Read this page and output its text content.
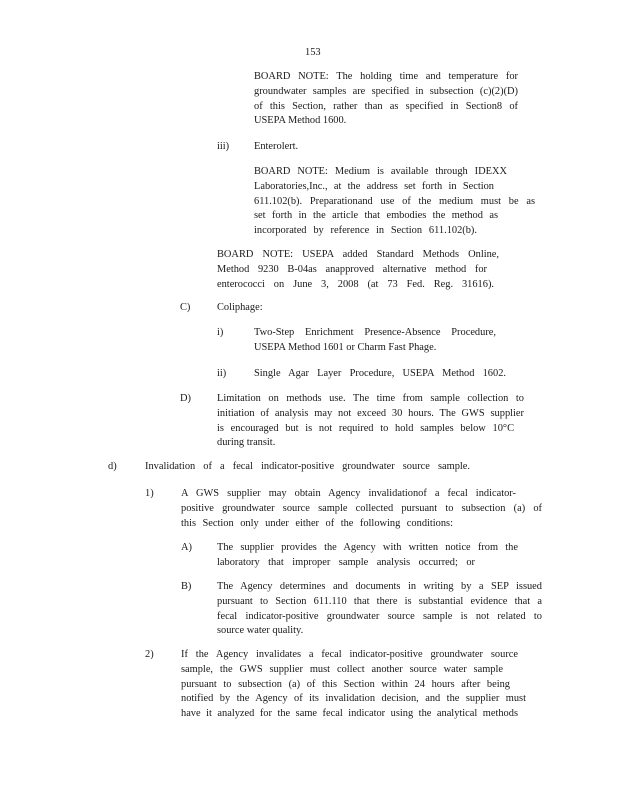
153
BOARD NOTE: The holding time and temperature for
groundwater samples are specified in subsection (c)(2)(D)
of this Section, rather than as specified in Section8 of
USEPA Method 1600.
iii) Enterolert.
BOARD NOTE: Medium is available through IDEXX
Laboratories,Inc., at the address set forth in Section
611.102(b). Preparationand use of the medium must be as
set forth in the article that embodies the method as
incorporated by reference in Section 611.102(b).
BOARD NOTE: USEPA added Standard Methods Online,
Method 9230 B-04as anapproved alternative method for
enterococci on June 3, 2008 (at 73 Fed. Reg. 31616).
C)	Coliphage:
i)	Two-Step Enrichment Presence-Absence Procedure,
USEPA Method 1601 or Charm Fast Phage.
ii)	Single Agar Layer Procedure, USEPA Method 1602.
D)	Limitation on methods use. The time from sample collection to
initiation of analysis may not exceed 30 hours. The GWS supplier
is encouraged but is not required to hold samples below 10°C
during transit.
d)	Invalidation of a fecal indicator-positive groundwater source sample.
1)	A GWS supplier may obtain Agency invalidationof a fecal indicator-
positive groundwater source sample collected pursuant to subsection (a) of
this Section only under either of the following conditions:
A) The supplier provides the Agency with written notice from the
laboratory that improper sample analysis occurred; or
B) The Agency determines and documents in writing by a SEP issued
pursuant to Section 611.110 that there is substantial evidence that a
fecal indicator-positive groundwater source sample is not related to
source water quality.
2)	If the Agency invalidates a fecal indicator-positive groundwater source
sample, the GWS supplier must collect another source water sample
pursuant to subsection (a) of this Section within 24 hours after being
notified by the Agency of its invalidation decision, and the supplier must
have it analyzed for the same fecal indicator using the analytical methods
